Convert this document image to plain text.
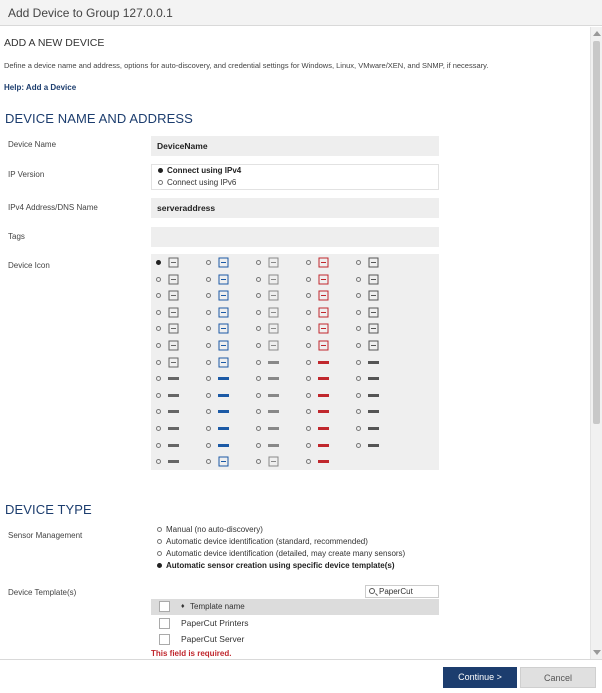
Add Device to Group 127.0.0.1
ADD A NEW DEVICE
Define a device name and address, options for auto-discovery, and credential settings for Windows, Linux, VMware/XEN, and SNMP, if necessary.
Help: Add a Device
DEVICE NAME AND ADDRESS
Device Name	DeviceName
IP Version	Connect using IPv4
Connect using IPv6
IPv4 Address/DNS Name	serveraddress
Tags
Device Icon
DEVICE TYPE
Sensor Management
Manual (no auto-discovery)
Automatic device identification (standard, recommended)
Automatic device identification (detailed, may create many sensors)
Automatic sensor creation using specific device template(s)
Device Template(s)	PaperCut
♦ Template name
PaperCut Printers
PaperCut Server
This field is required.
Continue >	Cancel
